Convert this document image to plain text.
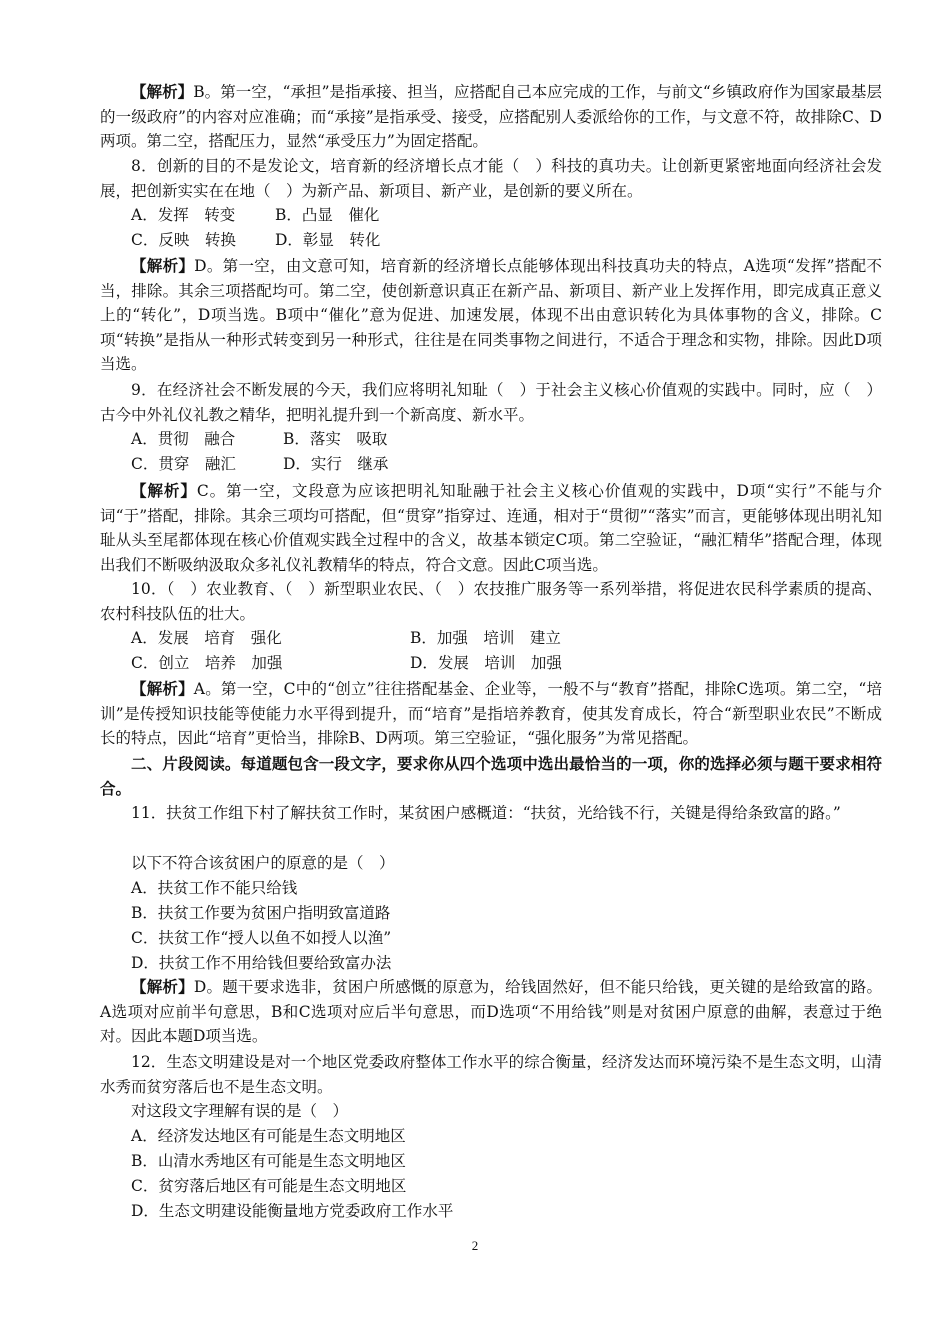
【解析】B。第一空，“承担”是指承接、担当，应搭配自己本应完成的工作，与前文“乡镇政府作为国家最基层的一级政府”的内容对应准确；而“承接”是指承受、接受，应搭配别人委派给你的工作，与文意不符，故排除C、D两项。第二空，搭配压力，显然“承受压力”为固定搭配。

8．创新的目的不是发论文，培育新的经济增长点才能（　）科技的真功夫。让创新更紧密地面向经济社会发展，把创新实实在在地（　）为新产品、新项目、新产业，是创新的要义所在。

A．发挥　转变	B．凸显　催化

C．反映　转换	D．彰显　转化

【解析】D。第一空，由文意可知，培育新的经济增长点能够体现出科技真功夫的特点，A选项“发挥”搭配不当，排除。其余三项搭配均可。第二空，使创新意识真正在新产品、新项目、新产业上发挥作用，即完成真正意义上的“转化”，D项当选。B项中“催化”意为促进、加速发展，体现不出由意识转化为具体事物的含义，排除。C项“转换”是指从一种形式转变到另一种形式，往往是在同类事物之间进行，不适合于理念和实物，排除。因此D项当选。

9．在经济社会不断发展的今天，我们应将明礼知耻（　）于社会主义核心价值观的实践中。同时，应（　）古今中外礼仪礼教之精华，把明礼提升到一个新高度、新水平。

A．贯彻　融合	B．落实　吸取

C．贯穿　融汇	D．实行　继承

【解析】C。第一空，文段意为应该把明礼知耻融于社会主义核心价值观的实践中，D项“实行”不能与介词“于”搭配，排除。其余三项均可搭配，但“贯穿”指穿过、连通，相对于“贯彻”“落实”而言，更能够体现出明礼知耻从头至尾都体现在核心价值观实践全过程中的含义，故基本锁定C项。第二空验证，“融汇精华”搭配合理，体现出我们不断吸纳汲取众多礼仪礼教精华的特点，符合文意。因此C项当选。

10．（　）农业教育、（　）新型职业农民、（　）农技推广服务等一系列举措，将促进农民科学素质的提高、农村科技队伍的壮大。

A．发展　培育　强化	B．加强　培训　建立

C．创立　培养　加强	D．发展　培训　加强

【解析】A。第一空，C中的“创立”往往搭配基金、企业等，一般不与“教育”搭配，排除C选项。第二空，“培训”是传授知识技能等使能力水平得到提升，而“培育”是指培养教育，使其发育成长，符合“新型职业农民”不断成长的特点，因此“培育”更恰当，排除B、D两项。第三空验证，“强化服务”为常见搭配。

二、片段阅读。每道题包含一段文字，要求你从四个选项中选出最恰当的一项，你的选择必须与题干要求相符合。

11．扶贫工作组下村了解扶贫工作时，某贫困户感概道：“扶贫，光给钱不行，关键是得给条致富的路。”

以下不符合该贫困户的原意的是（　）

A．扶贫工作不能只给钱

B．扶贫工作要为贫困户指明致富道路

C．扶贫工作“授人以鱼不如授人以渔”

D．扶贫工作不用给钱但要给致富办法

【解析】D。题干要求选非，贫困户所感慨的原意为，给钱固然好，但不能只给钱，更关键的是给致富的路。A选项对应前半句意思，B和C选项对应后半句意思，而D选项“不用给钱”则是对贫困户原意的曲解，表意过于绝对。因此本题D项当选。

12．生态文明建设是对一个地区党委政府整体工作水平的综合衡量，经济发达而环境污染不是生态文明，山清水秀而贫穷落后也不是生态文明。

对这段文字理解有误的是（　）

A．经济发达地区有可能是生态文明地区

B．山清水秀地区有可能是生态文明地区

C．贫穷落后地区有可能是生态文明地区

D．生态文明建设能衡量地方党委政府工作水平

2
